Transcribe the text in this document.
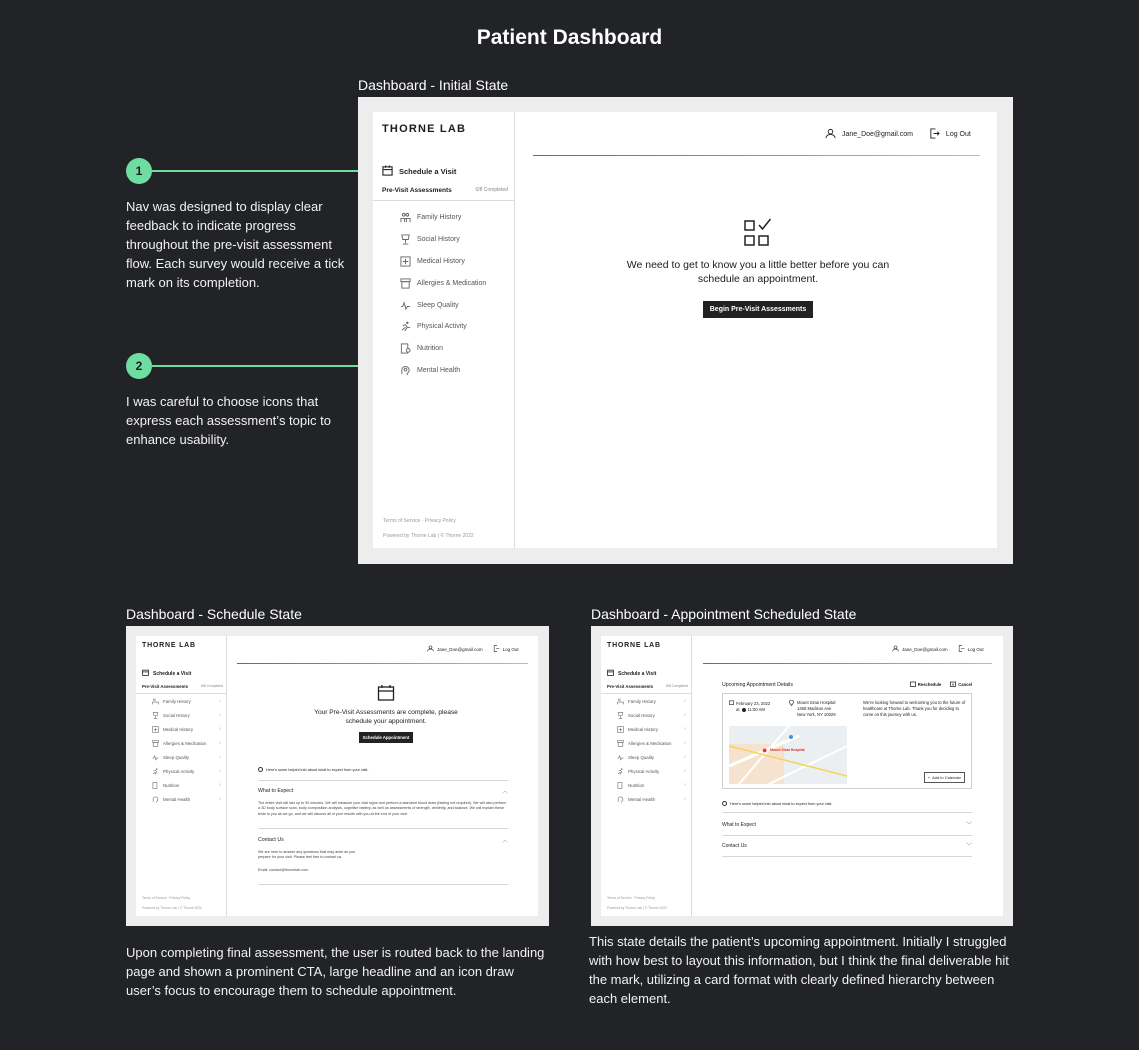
Patient Dashboard
Dashboard - Initial State
Dashboard - Schedule State	Dashboard - Appointment Scheduled State
1
Nav was designed to display clear feedback to indicate progress throughout the pre-visit assessment flow. Each survey would receive a tick mark on its completion.
2
I was careful to choose icons that express each assessment’s topic to enhance usability.
THORNE LAB
Schedule a Visit
Pre-Visit Assessments	0/8 Completed
Family History
Social History
Medical History
Allergies & Medication
Sleep Quality
Physical Activity
Nutrition
Mental Health
Terms of Service · Privacy Policy
Powered by Thorne Lab | © Thorne 2022
Jane_Doe@gmail.com	Log Out
We need to get to know you a little better before you can schedule an appointment.
Begin Pre-Visit Assessments
THORNE LAB
Schedule a Visit
Pre-Visit Assessments	8/8 Completed
Family History	✓
Social History	✓
Medical History	✓
Allergies & Medication	✓
Sleep Quality	✓
Physical Activity	✓
Nutrition	✓
Mental Health	✓
Terms of Service · Privacy Policy
Powered by Thorne Lab | © Thorne 2022
Jane_Doe@gmail.com	Log Out
Your Pre-Visit Assessments are complete, please schedule your appointment.
Schedule Appointment
Here’s some helpful info about what to expect from your visit.
What to Expect	︿
The entire visit will last up to 90 minutes. We will measure your vital signs and perform a standard blood draw (fasting not required). We will also perform a 3D body surface scan, body composition analysis, cognitive battery, as well as assessments of strength, dexterity, and balance. We will explain these tests to you as we go, and we will discuss all of your results with you at the end of your visit.
Contact Us	︿
We are here to answer any questions that may arise as you prepare for your visit. Please feel free to contact us.
Email: contact@thornelab.com
THORNE LAB
Schedule a Visit
Pre-Visit Assessments	8/8 Completed
Family History	✓
Social History	✓
Medical History	✓
Allergies & Medication	✓
Sleep Quality	✓
Physical Activity	✓
Nutrition	✓
Mental Health	✓
Terms of Service · Privacy Policy
Powered by Thorne Lab | © Thorne 2022
Jane_Doe@gmail.com	Log Out
Upcoming Appointment Details	Reschedule	Cancel
February 23, 2022
at 11:00 AM
Mount Sinai Hospital
1468 Madison Ave
New York, NY 10029
We’re looking forward to welcoming you to the future of healthcare at Thorne Lab. Thank you for deciding to come on this journey with us.
● Mount Sinai Hospital
+ Add to Calendar
Here’s some helpful info about what to expect from your visit.
What to Expect	﹀
Contact Us	﹀
Upon completing final assessment, the user is routed back to the landing page and shown a prominent CTA, large headline and an icon draw user’s focus to encourage them to schedule appointment.
This state details the patient’s upcoming appointment. Initially I struggled with how best to layout this information, but I think the final deliverable hit the mark, utilizing a card format with clearly defined hierarchy between each element.
